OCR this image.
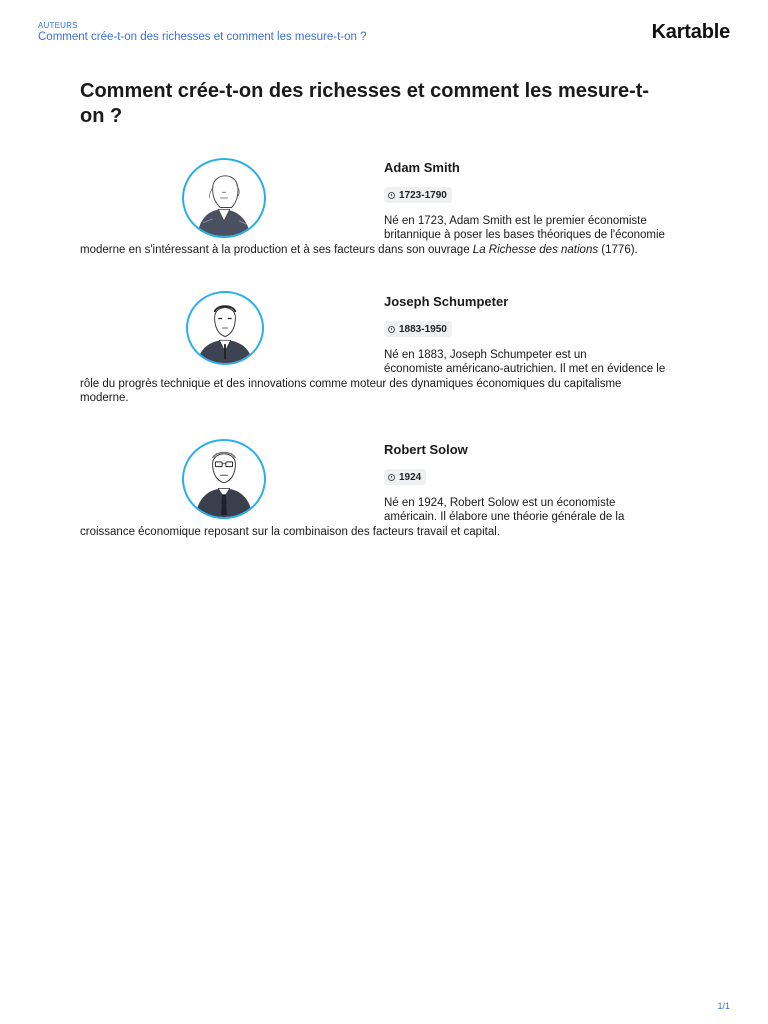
AUTEURS
Comment crée-t-on des richesses et comment les mesure-t-on ?	Kartable
Comment crée-t-on des richesses et comment les mesure-t-
on ?
Adam Smith
1723-1790

Né en 1723, Adam Smith est le premier économiste
britannique à poser les bases théoriques de l'économie
moderne en s'intéressant à la production et à ses facteurs dans son ouvrage La Richesse des nations (1776).

Joseph Schumpeter
1883-1950

Né en 1883, Joseph Schumpeter est un
économiste américano-autrichien. Il met en évidence le
rôle du progrès technique et des innovations comme moteur des dynamiques économiques du capitalisme
moderne.

Robert Solow
1924

Né en 1924, Robert Solow est un économiste
américain. Il élabore une théorie générale de la
croissance économique reposant sur la combinaison des facteurs travail et capital.

1/1
